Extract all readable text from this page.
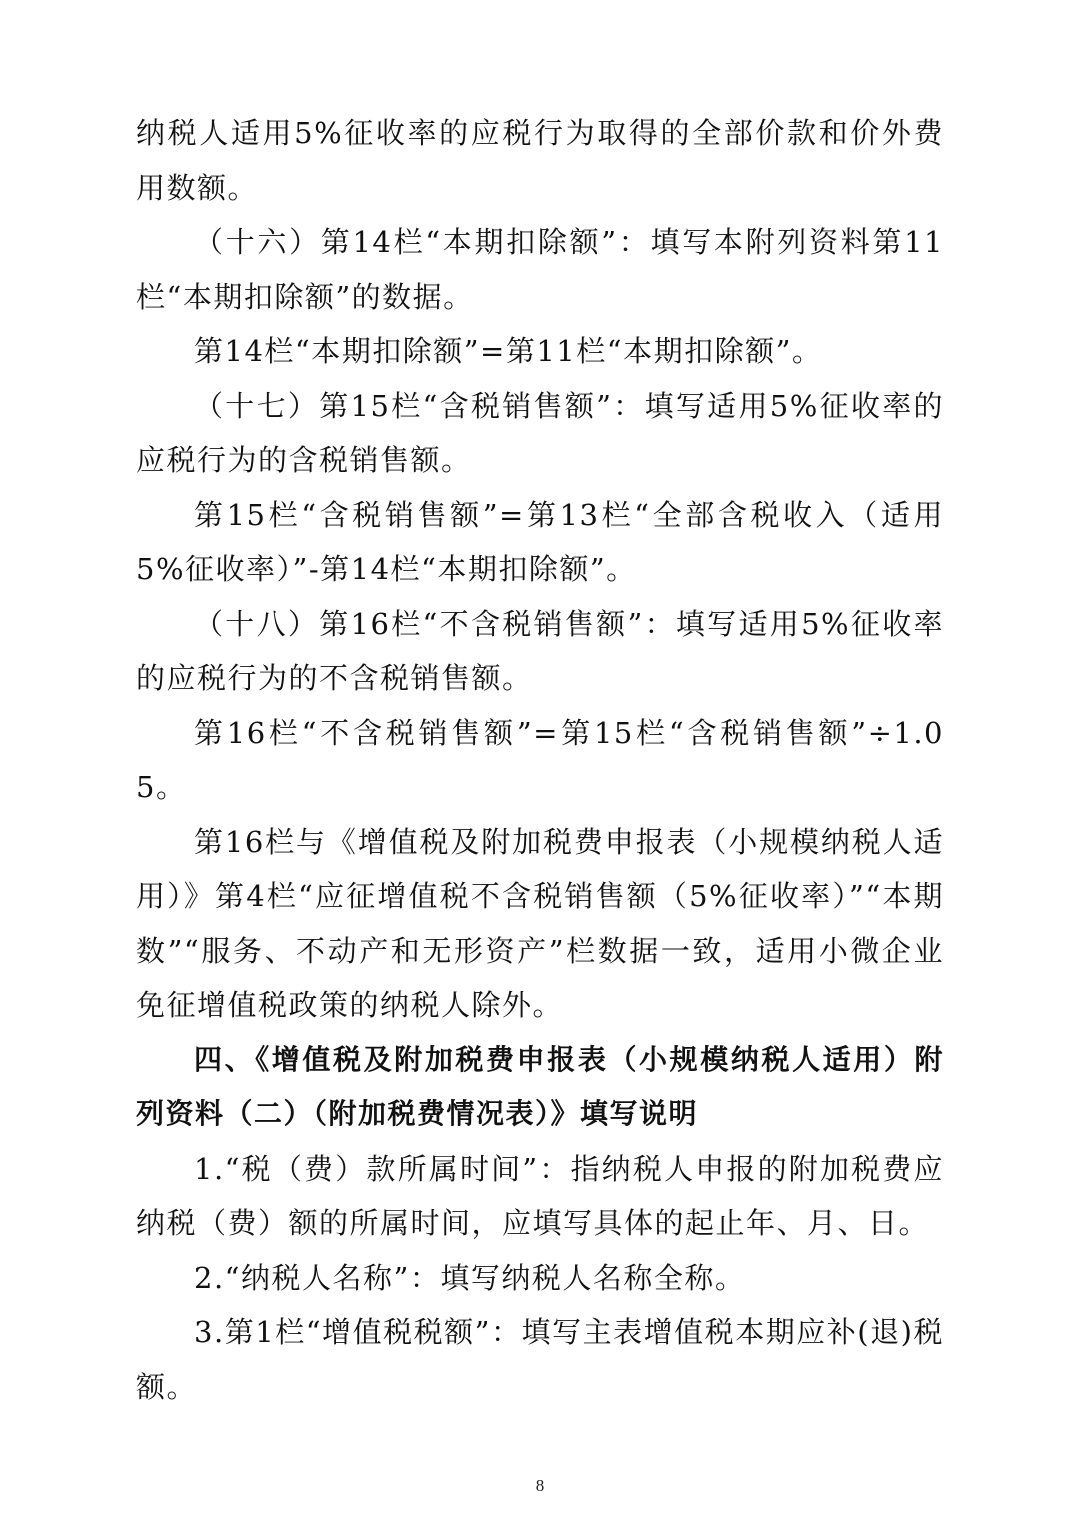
纳税人适用5%征收率的应税行为取得的全部价款和价外费用数额。

（十六）第14栏“本期扣除额”：填写本附列资料第11栏“本期扣除额”的数据。

第14栏“本期扣除额”=第11栏“本期扣除额”。

（十七）第15栏“含税销售额”：填写适用5%征收率的应税行为的含税销售额。

第15栏“含税销售额”=第13栏“全部含税收入（适用5%征收率）”-第14栏“本期扣除额”。

（十八）第16栏“不含税销售额”：填写适用5%征收率的应税行为的不含税销售额。

第16栏“不含税销售额”=第15栏“含税销售额”÷1.05。

第16栏与《增值税及附加税费申报表（小规模纳税人适用）》第4栏“应征增值税不含税销售额（5%征收率）”“本期数”“服务、不动产和无形资产”栏数据一致，适用小微企业免征增值税政策的纳税人除外。

四、《增值税及附加税费申报表（小规模纳税人适用）附列资料（二）（附加税费情况表）》填写说明

1.“税（费）款所属时间”：指纳税人申报的附加税费应纳税（费）额的所属时间，应填写具体的起止年、月、日。

2.“纳税人名称”：填写纳税人名称全称。

3.第1栏“增值税税额”：填写主表增值税本期应补(退)税额。

8
